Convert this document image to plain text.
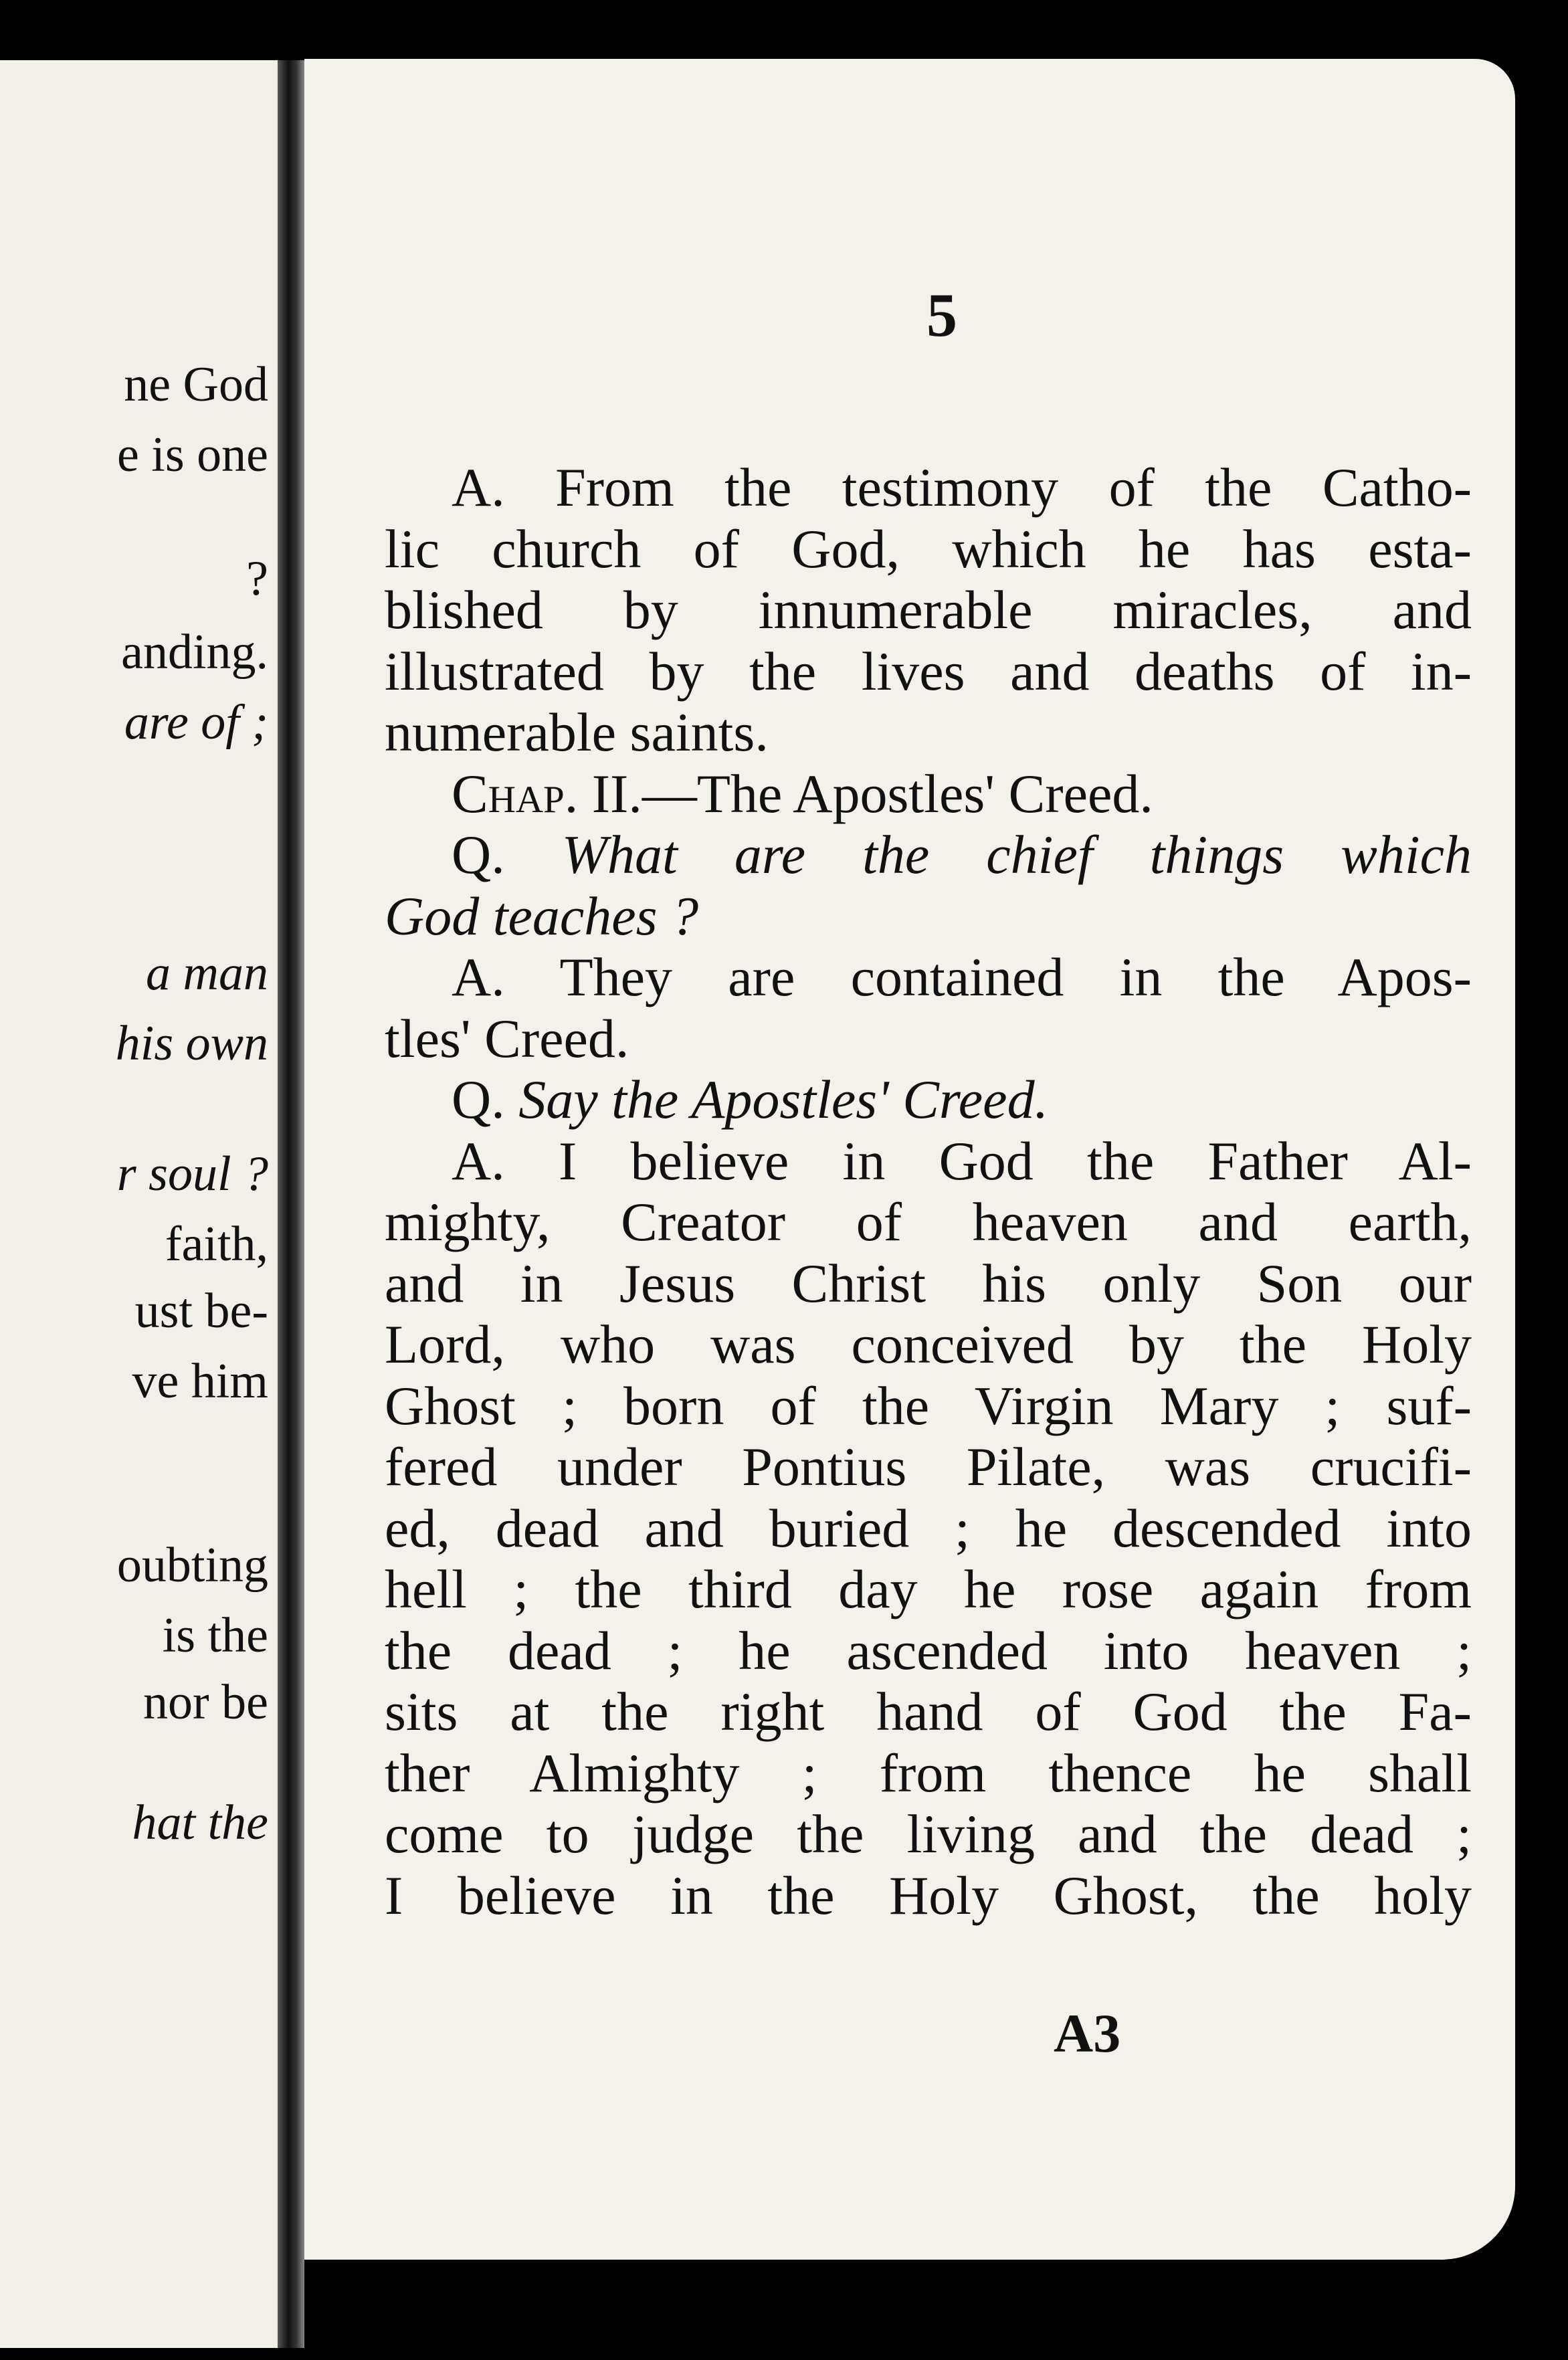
ne God
e is one
?
anding.
are of ;
a man
his own
r soul ?
faith,
ust be-
ve him
oubting
is the
nor be
hat the
5
A. From the testimony of the Catho-
lic church of God, which he has esta-
blished by innumerable miracles, and
illustrated by the lives and deaths of in-
numerable saints.
Chap. II.—The Apostles' Creed.
Q. What are the chief things which
God teaches ?
A. They are contained in the Apos-
tles' Creed.
Q. Say the Apostles' Creed.
A. I believe in God the Father Al-
mighty, Creator of heaven and earth,
and in Jesus Christ his only Son our
Lord, who was conceived by the Holy
Ghost ; born of the Virgin Mary ; suf-
fered under Pontius Pilate, was crucifi-
ed, dead and buried ; he descended into
hell ; the third day he rose again from
the dead ; he ascended into heaven ;
sits at the right hand of God the Fa-
ther Almighty ; from thence he shall
come to judge the living and the dead ;
I believe in the Holy Ghost, the holy
A3
